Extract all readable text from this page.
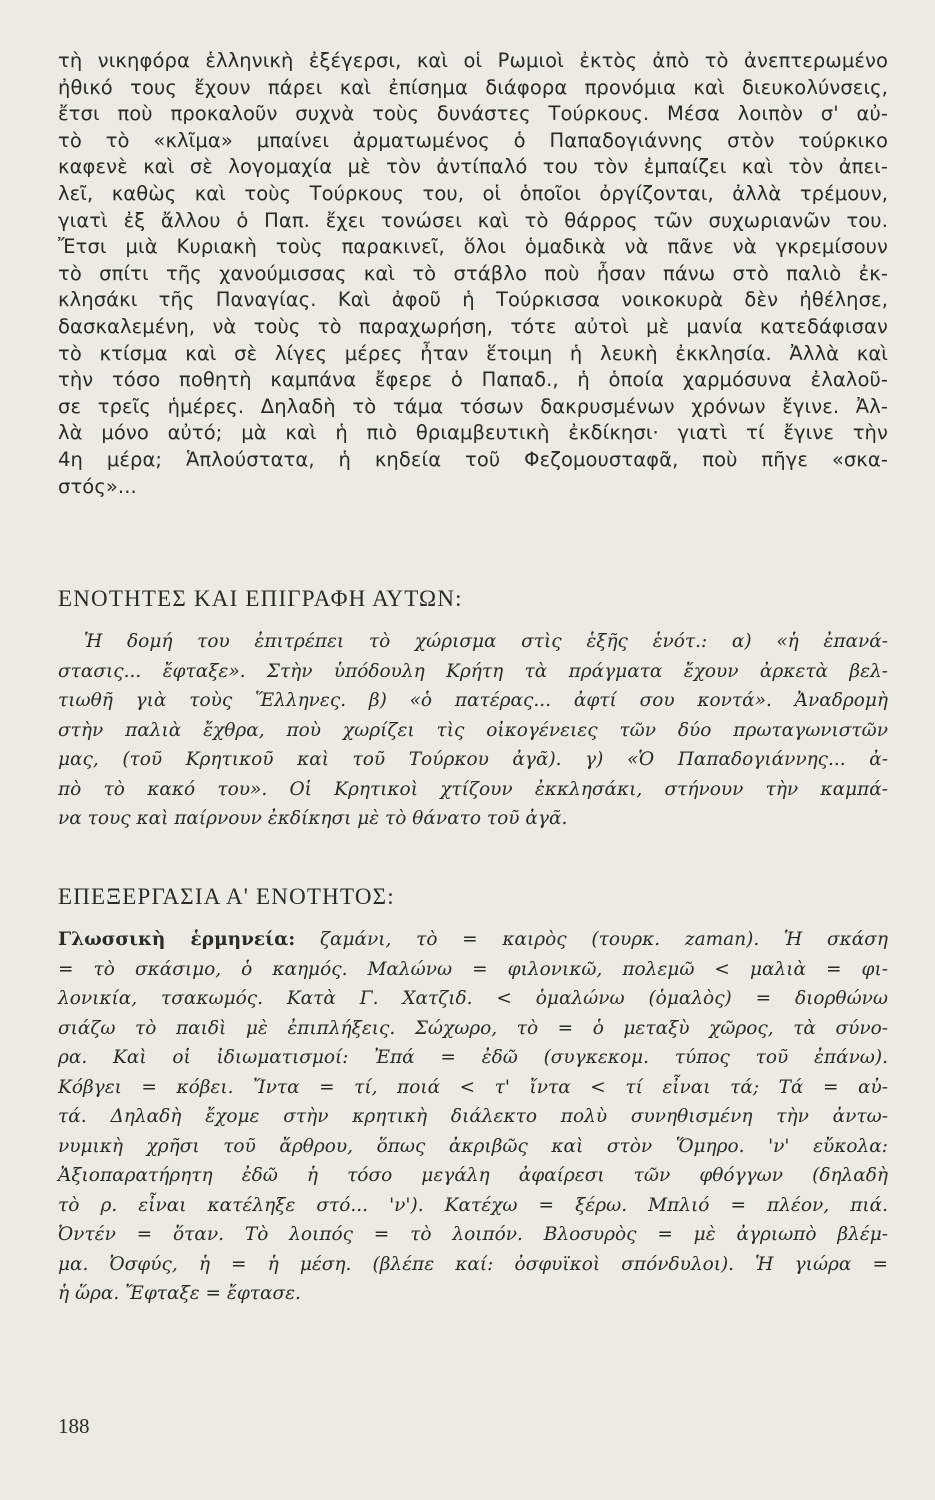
τὴ νικηφόρα ἑλληνικὴ ἐξέγερσι, καὶ οἱ Ρωμιοὶ ἐκτὸς ἀπὸ τὸ ἀνεπτερωμένο
ἠθικό τους ἔχουν πάρει καὶ ἐπίσημα διάφορα προνόμια καὶ διευκολύνσεις,
ἔτσι ποὺ προκαλοῦν συχνὰ τοὺς δυνάστες Τούρκους. Μέσα λοιπὸν σ' αὐ-
τὸ τὸ «κλῖμα» μπαίνει ἀρματωμένος ὁ Παπαδογιάννης στὸν τούρκικο
καφενὲ καὶ σὲ λογομαχία μὲ τὸν ἀντίπαλό του τὸν ἐμπαίζει καὶ τὸν ἀπει-
λεῖ, καθὼς καὶ τοὺς Τούρκους του, οἱ ὁποῖοι ὀργίζονται, ἀλλὰ τρέμουν,
γιατὶ ἐξ ἄλλου ὁ Παπ. ἔχει τονώσει καὶ τὸ θάρρος τῶν συχωριανῶν του.
Ἔτσι μιὰ Κυριακὴ τοὺς παρακινεῖ, ὅλοι ὁμαδικὰ νὰ πᾶνε νὰ γκρεμίσουν
τὸ σπίτι τῆς χανούμισσας καὶ τὸ στάβλο ποὺ ἦσαν πάνω στὸ παλιὸ ἐκ-
κλησάκι τῆς Παναγίας. Καὶ ἀφοῦ ἡ Τούρκισσα νοικοκυρὰ δὲν ἠθέλησε,
δασκαλεμένη, νὰ τοὺς τὸ παραχωρήση, τότε αὐτοὶ μὲ μανία κατεδάφισαν
τὸ κτίσμα καὶ σὲ λίγες μέρες ἦταν ἕτοιμη ἡ λευκὴ ἐκκλησία. Ἀλλὰ καὶ
τὴν τόσο ποθητὴ καμπάνα ἔφερε ὁ Παπαδ., ἡ ὁποία χαρμόσυνα ἐλαλοῦ-
σε τρεῖς ἡμέρες. Δηλαδὴ τὸ τάμα τόσων δακρυσμένων χρόνων ἔγινε. Ἀλ-
λὰ μόνο αὐτό; μὰ καὶ ἡ πιὸ θριαμβευτικὴ ἐκδίκησι· γιατὶ τί ἔγινε τὴν
4η μέρα; Ἁπλούστατα, ἡ κηδεία τοῦ Φεζομουσταφᾶ, ποὺ πῆγε «σκα-
στός»...
ΕΝΟΤΗΤΕΣ ΚΑΙ ΕΠΙΓΡΑΦΗ ΑΥΤΩΝ:
Ἡ δομή του ἐπιτρέπει τὸ χώρισμα στὶς ἑξῆς ἑνότ.: α) «ἡ ἐπανά-
στασις... ἔφταξε». Στὴν ὑπόδουλη Κρήτη τὰ πράγματα ἔχουν ἀρκετὰ βελ-
τιωθῆ γιὰ τοὺς Ἕλληνες. β) «ὁ πατέρας... ἀφτί σου κοντά». Ἀναδρομὴ
στὴν παλιὰ ἔχθρα, ποὺ χωρίζει τὶς οἰκογένειες τῶν δύο πρωταγωνιστῶν
μας, (τοῦ Κρητικοῦ καὶ τοῦ Τούρκου ἀγᾶ). γ) «Ὁ Παπαδογιάννης... ἀ-
πὸ τὸ κακό του». Οἱ Κρητικοὶ χτίζουν ἐκκλησάκι, στήνουν τὴν καμπά-
να τους καὶ παίρνουν ἐκδίκησι μὲ τὸ θάνατο τοῦ ἀγᾶ.
ΕΠΕΞΕΡΓΑΣΙΑ Α' ΕΝΟΤΗΤΟΣ:
Γλωσσικὴ ἑρμηνεία: ζαμάνι, τὸ = καιρὸς (τουρκ. zaman). Ἡ σκάση
= τὸ σκάσιμο, ὁ καημός. Μαλώνω = φιλονικῶ, πολεμῶ < μαλιὰ = φι-
λονικία, τσακωμός. Κατὰ Γ. Χατζιδ. < ὁμαλώνω (ὁμαλὸς) = διορθώνω
σιάζω τὸ παιδὶ μὲ ἐπιπλήξεις. Σώχωρο, τὸ = ὁ μεταξὺ χῶρος, τὰ σύνο-
ρα. Καὶ οἱ ἰδιωματισμοί: Ἐπά = ἐδῶ (συγκεκομ. τύπος τοῦ ἐπάνω).
Κόβγει = κόβει. Ἴντα = τί, ποιά < τ' ἴντα < τί εἶναι τά; Τά = αὐ-
τά. Δηλαδὴ ἔχομε στὴν κρητικὴ διάλεκτο πολὺ συνηθισμένη τὴν ἀντω-
νυμικὴ χρῆσι τοῦ ἄρθρου, ὅπως ἀκριβῶς καὶ στὸν Ὅμηρο. 'ν' εὔκολα:
Ἀξιοπαρατήρητη ἐδῶ ἡ τόσο μεγάλη ἀφαίρεσι τῶν φθόγγων (δηλαδὴ
τὸ ρ. εἶναι κατέληξε στό... 'ν'). Κατέχω = ξέρω. Μπλιό = πλέον, πιά.
Ὀντέν = ὅταν. Τὸ λοιπός = τὸ λοιπόν. Βλοσυρὸς = μὲ ἀγριωπὸ βλέμ-
μα. Ὀσφύς, ἡ = ἡ μέση. (βλέπε καί: ὀσφυϊκοὶ σπόνδυλοι). Ἡ γιώρα =
ἡ ὥρα. Ἔφταξε = ἔφτασε.
188
